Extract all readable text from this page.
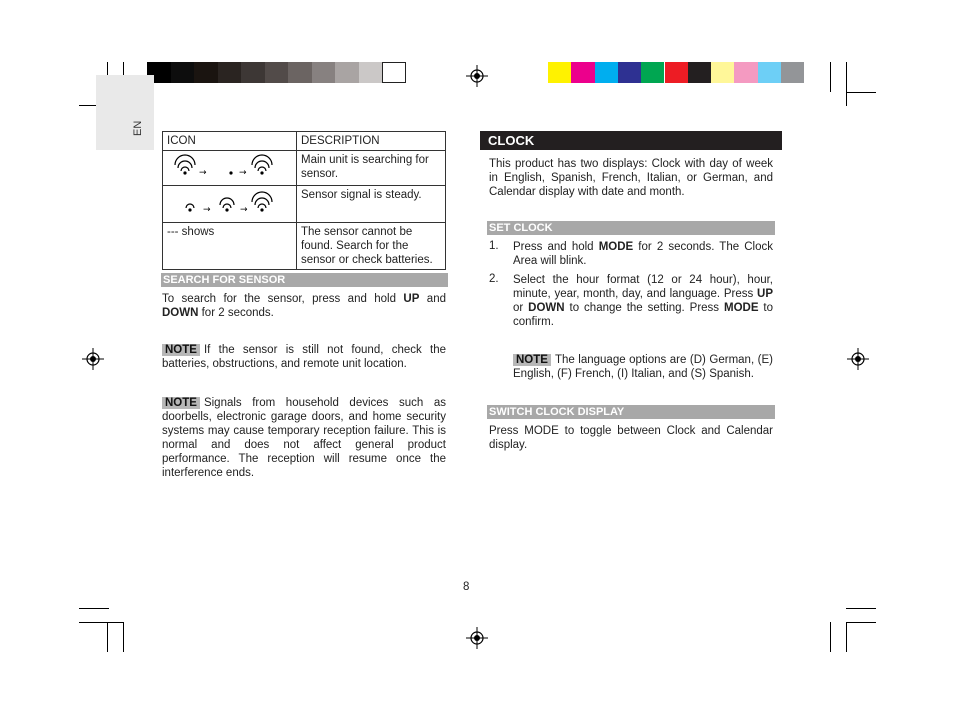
EN
ICON	DESCRIPTION

→ →	Main unit is searching for sensor.

→ →	Sensor signal is steady.
--- shows	The sensor cannot be found. Search for the sensor or check batteries.
SEARCH FOR SENSOR
To search for the sensor, press and hold UP and DOWN for 2 seconds.
NOTE If the sensor is still not found, check the batteries, obstructions, and remote unit location.
NOTE Signals from household devices such as doorbells, electronic garage doors, and home security systems may cause temporary reception failure. This is normal and does not affect general product performance. The reception will resume once the interference ends.
CLOCK
This product has two displays: Clock with day of week in English, Spanish, French, Italian, or German, and Calendar display with date and month.
SET CLOCK
1. Press and hold MODE for 2 seconds. The Clock Area will blink.
2. Select the hour format (12 or 24 hour), hour, minute, year, month, day, and language. Press UP or DOWN to change the setting. Press MODE to confirm.
NOTE The language options are (D) German, (E) English, (F) French, (I) Italian, and (S) Spanish.
SWITCH CLOCK DISPLAY
Press MODE to toggle between Clock and Calendar display.
8
